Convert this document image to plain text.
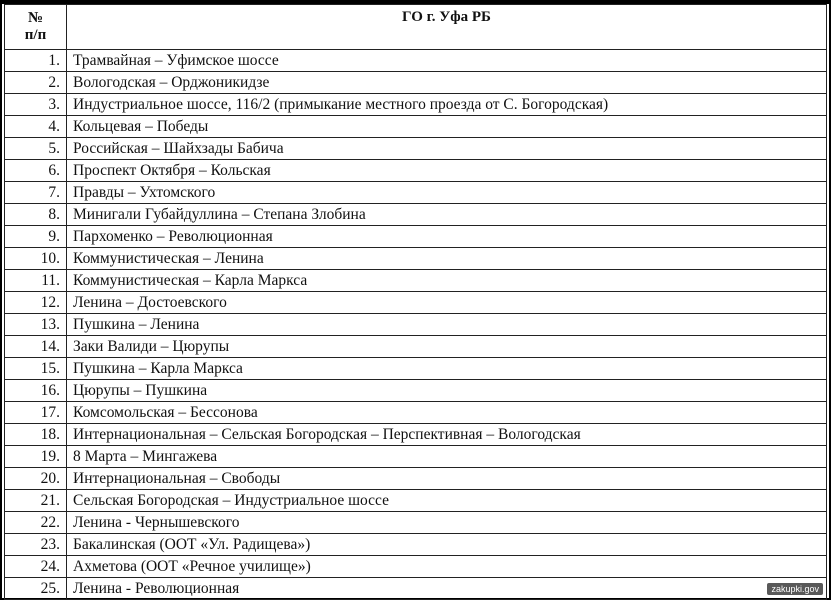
№
п/п	ГО г. Уфа РБ
1.	Трамвайная – Уфимское шоссе
2.	Вологодская – Орджоникидзе
3.	Индустриальное шоссе, 116/2 (примыкание местного проезда от С. Богородская)
4.	Кольцевая – Победы
5.	Российская – Шайхзады Бабича
6.	Проспект Октября – Кольская
7.	Правды – Ухтомского
8.	Минигали Губайдуллина – Степана Злобина
9.	Пархоменко – Революционная
10.	Коммунистическая – Ленина
11.	Коммунистическая – Карла Маркса
12.	Ленина – Достоевского
13.	Пушкина – Ленина
14.	Заки Валиди – Цюрупы
15.	Пушкина – Карла Маркса
16.	Цюрупы – Пушкина
17.	Комсомольская – Бессонова
18.	Интернациональная – Сельская Богородская – Перспективная – Вологодская
19.	8 Марта – Мингажева
20.	Интернациональная – Свободы
21.	Сельская Богородская – Индустриальное шоссе
22.	Ленина - Чернышевского
23.	Бакалинская (ООТ «Ул. Радищева»)
24.	Ахметова (ООТ «Речное училище»)
25.	Ленина - Революционная	zakupki.gov
